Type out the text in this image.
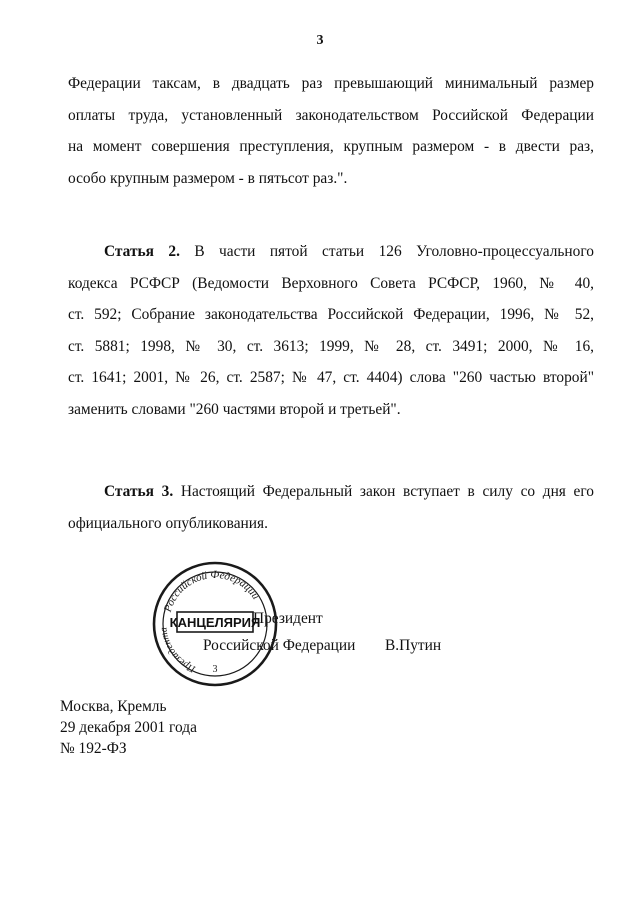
3
Федерации таксам, в двадцать раз превышающий минимальный размер
оплаты труда, установленный законодательством Российской Федерации
на момент совершения преступления, крупным размером - в двести раз,
особо крупным размером - в пятьсот раз.".
Статья 2. В части пятой статьи 126 Уголовно-процессуального
кодекса РСФСР (Ведомости Верховного Совета РСФСР, 1960, № 40,
ст. 592; Собрание законодательства Российской Федерации, 1996, № 52,
ст. 5881; 1998, № 30, ст. 3613; 1999, № 28, ст. 3491; 2000, № 16,
ст. 1641; 2001, № 26, ст. 2587; № 47, ст. 4404) слова "260 частью второй"
заменить словами "260 частями второй и третьей".
Статья 3. Настоящий Федеральный закон вступает в силу со дня его
официального опубликования.
Президент
Российской Федерации В.Путин
Российской Федерации
Президента КАНЦЕЛЯРИЯ
3
Москва, Кремль
29 декабря 2001 года
№ 192-ФЗ
